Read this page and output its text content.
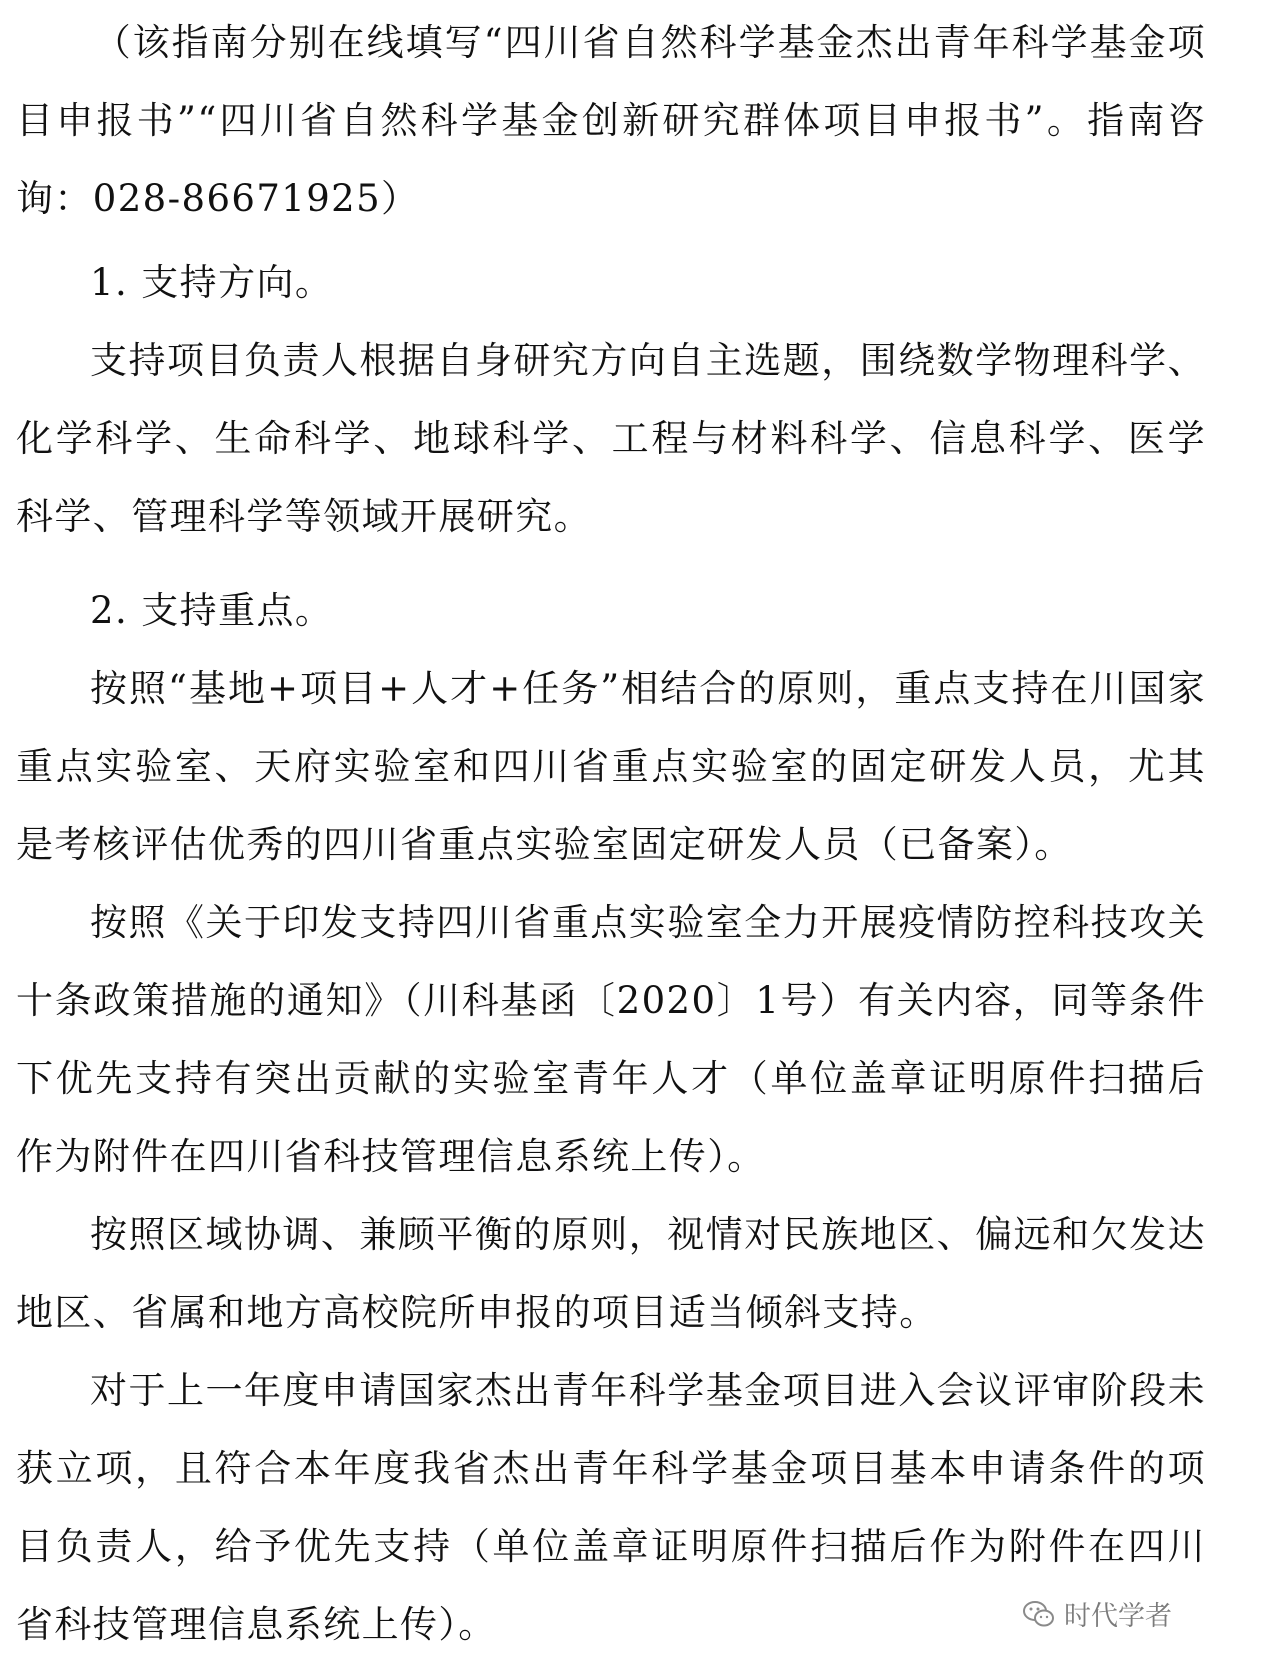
（该指南分别在线填写“四川省自然科学基金杰出青年科学基金项目申报书”“四川省自然科学基金创新研究群体项目申报书”。指南咨询：028-86671925）

1. 支持方向。

支持项目负责人根据自身研究方向自主选题，围绕数学物理科学、化学科学、生命科学、地球科学、工程与材料科学、信息科学、医学科学、管理科学等领域开展研究。

2. 支持重点。

按照“基地+项目+人才+任务”相结合的原则，重点支持在川国家重点实验室、天府实验室和四川省重点实验室的固定研发人员，尤其是考核评估优秀的四川省重点实验室固定研发人员（已备案）。

按照《关于印发支持四川省重点实验室全力开展疫情防控科技攻关十条政策措施的通知》（川科基函〔2020〕1号）有关内容，同等条件下优先支持有突出贡献的实验室青年人才（单位盖章证明原件扫描后作为附件在四川省科技管理信息系统上传）。

按照区域协调、兼顾平衡的原则，视情对民族地区、偏远和欠发达地区、省属和地方高校院所申报的项目适当倾斜支持。

对于上一年度申请国家杰出青年科学基金项目进入会议评审阶段未获立项，且符合本年度我省杰出青年科学基金项目基本申请条件的项目负责人，给予优先支持（单位盖章证明原件扫描后作为附件在四川省科技管理信息系统上传）。	时代学者
